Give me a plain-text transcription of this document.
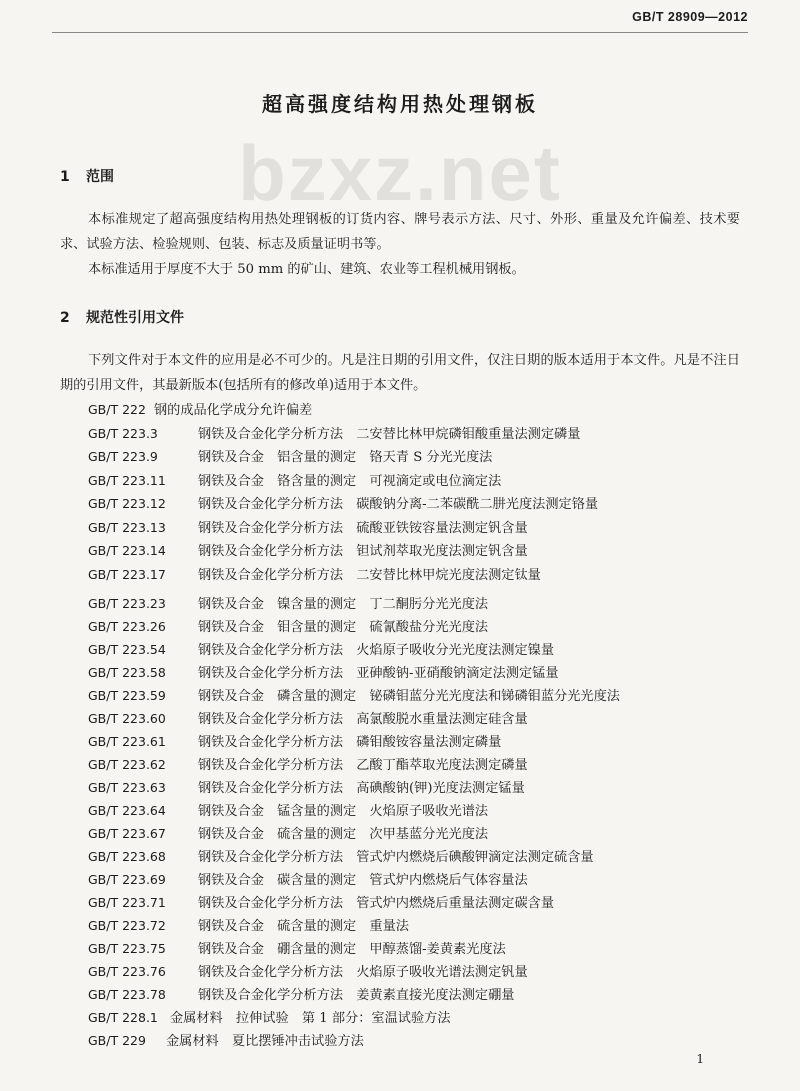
GB/T 28909—2012
超高强度结构用热处理钢板
bzxz.net
1 范围
本标准规定了超高强度结构用热处理钢板的订货内容、牌号表示方法、尺寸、外形、重量及允许偏差、技术要求、试验方法、检验规则、包装、标志及质量证明书等。
本标准适用于厚度不大于 50 mm 的矿山、建筑、农业等工程机械用钢板。
2 规范性引用文件
下列文件对于本文件的应用是必不可少的。凡是注日期的引用文件，仅注日期的版本适用于本文件。凡是不注日期的引用文件，其最新版本(包括所有的修改单)适用于本文件。
GB/T 222 钢的成品化学成分允许偏差
GB/T 223.3	钢铁及合金化学分析方法　二安替比林甲烷磷钼酸重量法测定磷量
GB/T 223.9	钢铁及合金　铝含量的测定　铬天青 S 分光光度法
GB/T 223.11 钢铁及合金　铬含量的测定　可视滴定或电位滴定法
GB/T 223.12 钢铁及合金化学分析方法　碳酸钠分离-二苯碳酰二肼光度法测定铬量
GB/T 223.13 钢铁及合金化学分析方法　硫酸亚铁铵容量法测定钒含量
GB/T 223.14 钢铁及合金化学分析方法　钽试剂萃取光度法测定钒含量
GB/T 223.17 钢铁及合金化学分析方法　二安替比林甲烷光度法测定钛量
GB/T 223.23 钢铁及合金　镍含量的测定　丁二酮肟分光光度法
GB/T 223.26 钢铁及合金　钼含量的测定　硫氰酸盐分光光度法
GB/T 223.54 钢铁及合金化学分析方法　火焰原子吸收分光光度法测定镍量
GB/T 223.58 钢铁及合金化学分析方法　亚砷酸钠-亚硝酸钠滴定法测定锰量
GB/T 223.59 钢铁及合金　磷含量的测定　铋磷钼蓝分光光度法和锑磷钼蓝分光光度法
GB/T 223.60 钢铁及合金化学分析方法　高氯酸脱水重量法测定硅含量
GB/T 223.61 钢铁及合金化学分析方法　磷钼酸铵容量法测定磷量
GB/T 223.62 钢铁及合金化学分析方法　乙酸丁酯萃取光度法测定磷量
GB/T 223.63 钢铁及合金化学分析方法　高碘酸钠(钾)光度法测定锰量
GB/T 223.64 钢铁及合金　锰含量的测定　火焰原子吸收光谱法
GB/T 223.67 钢铁及合金　硫含量的测定　次甲基蓝分光光度法
GB/T 223.68 钢铁及合金化学分析方法　管式炉内燃烧后碘酸钾滴定法测定硫含量
GB/T 223.69 钢铁及合金　碳含量的测定　管式炉内燃烧后气体容量法
GB/T 223.71 钢铁及合金化学分析方法　管式炉内燃烧后重量法测定碳含量
GB/T 223.72 钢铁及合金　硫含量的测定　重量法
GB/T 223.75 钢铁及合金　硼含量的测定　甲醇蒸馏-姜黄素光度法
GB/T 223.76 钢铁及合金化学分析方法　火焰原子吸收光谱法测定钒量
GB/T 223.78 钢铁及合金化学分析方法　姜黄素直接光度法测定硼量
GB/T 228.1 金属材料　拉伸试验　第 1 部分：室温试验方法
GB/T 229 金属材料　夏比摆锤冲击试验方法
1
